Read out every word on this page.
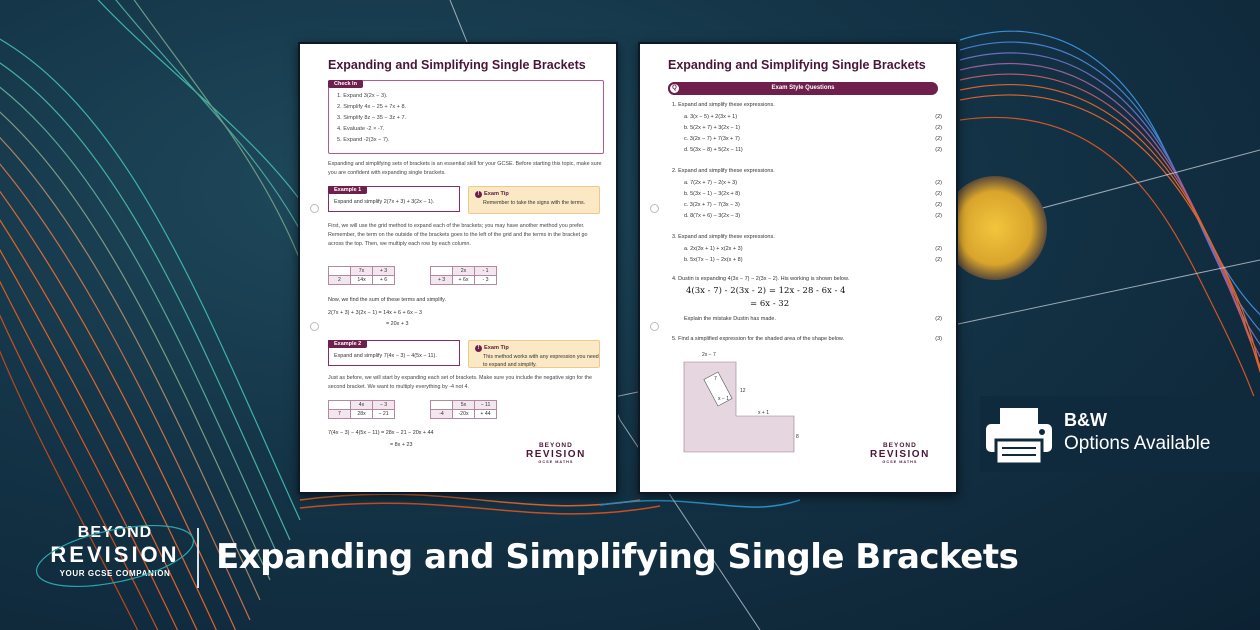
Expanding and Simplifying Single Brackets
Check In
1. Expand 3(2x − 3).
2. Simplify 4x − 25 + 7x + 8.
3. Simplify 8z − 35 − 3z + 7.
4. Evaluate -2 × -7.
5. Expand -2(3x − 7).
Expanding and simplifying sets of brackets is an essential skill for your GCSE. Before starting this topic, make sure you are confident with expanding single brackets.
Example 1
Expand and simplify 2(7x + 3) + 3(2x − 1).
! Exam Tip
Remember to take the signs with the terms.
First, we will use the grid method to expand each of the brackets; you may have another method you prefer. Remember, the term on the outside of the brackets goes to the left of the grid and the terms in the bracket go across the top. Then, we multiply each row by each column.
	7x	+ 3
2	14x	+ 6
	2x	- 1
+ 3	+ 6x	- 3
Now, we find the sum of these terms and simplify.
2(7x + 3) + 3(2x − 1) = 14x + 6 + 6x − 3
= 20x + 3
Example 2
Expand and simplify 7(4x − 3) − 4(5x − 11).
! Exam Tip
This method works with any expression you need to expand and simplify.
Just as before, we will start by expanding each set of brackets. Make sure you include the negative sign for the second bracket. We want to multiply everything by -4 not 4.
	4x	− 3
7	28x	− 21
	5x	− 11
-4	-20x	+ 44
7(4x − 3) − 4(5x − 11) = 28x − 21 − 20x + 44
= 8x + 23	BEYOND
REVISION
GCSE MATHS
Expanding and Simplifying Single Brackets
Q	Exam Style Questions
1. Expand and simplify these expressions.
a. 3(x − 5) + 2(3x + 1)	(2)
b. 5(2x + 7) + 3(2x − 1)	(2)
c. 3(2x − 7) + 7(3x + 7)	(2)
d. 5(3x − 8) + 5(2x − 11)	(2)
2. Expand and simplify these expressions.
a. 7(2x + 7) − 2(x + 3)	(2)
b. 5(3x − 1) − 3(2x + 8)	(2)
c. 3(2x + 7) − 7(3x − 3)	(2)
d. 8(7x + 6) − 3(2x − 3)	(2)
3. Expand and simplify these expressions.
a. 2x(3x + 1) + x(2x + 3)	(2)
b. 5x(7x − 1) − 2x(x + 8)	(2)
4. Dustin is expanding 4(3x − 7) − 2(3x − 2). His working is shown below.
4(3x - 7) - 2(3x - 2) = 12x - 28 - 6x - 4
= 6x - 32
Explain the mistake Dustin has made.	(2)
5. Find a simplified expression for the shaded area of the shape below.	(3)
2x − 7
7
x − 1
12
x + 1
8
BEYOND
REVISION
GCSE MATHS
B&W
Options Available
BEYOND
REVISION
YOUR GCSE COMPANION	Expanding and Simplifying Single Brackets
